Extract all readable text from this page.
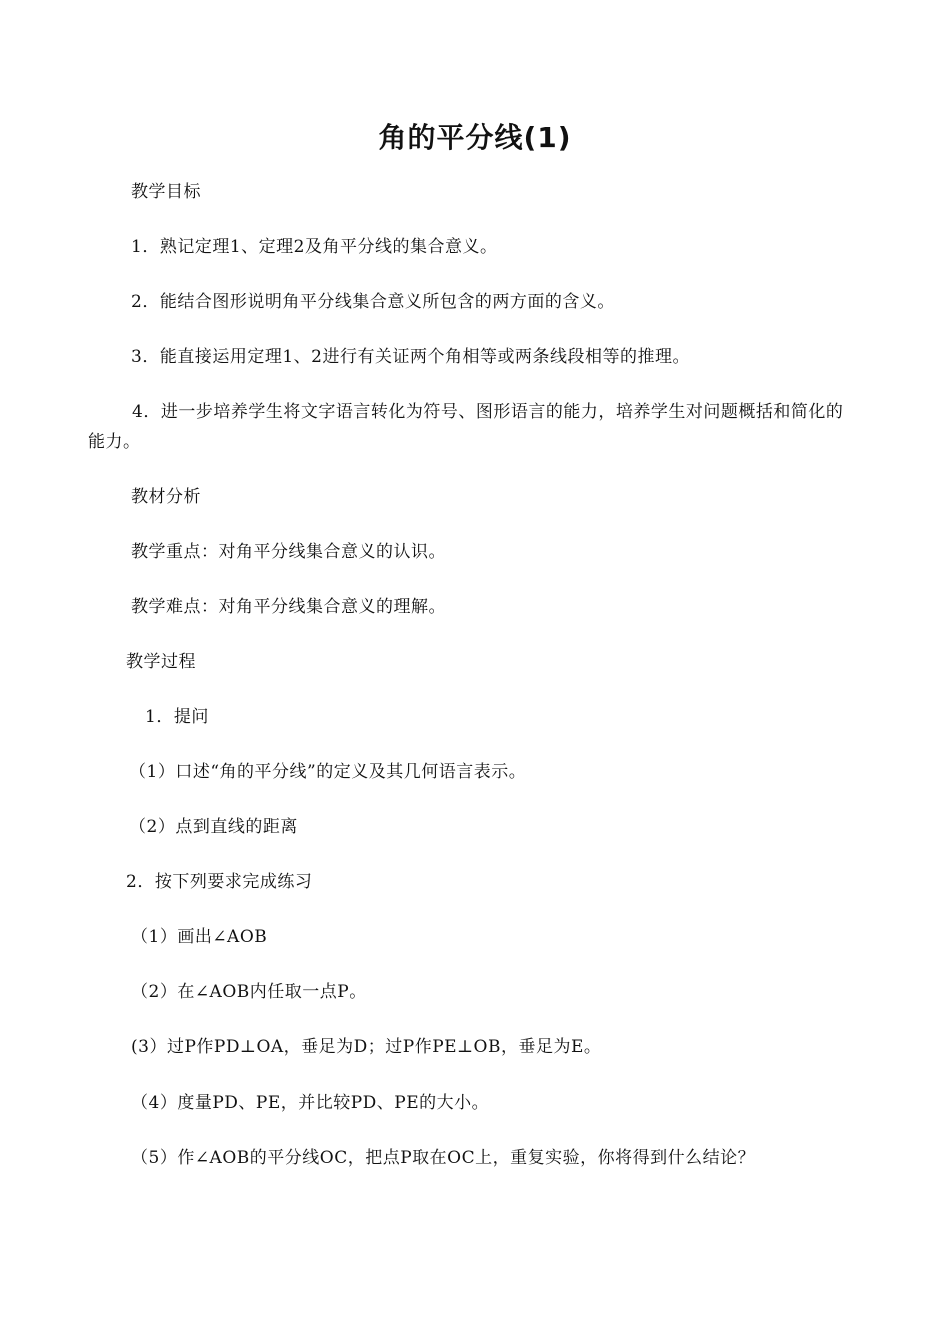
角的平分线(1)
教学目标
1．熟记定理1、定理2及角平分线的集合意义。
2．能结合图形说明角平分线集合意义所包含的两方面的含义。
3．能直接运用定理1、2进行有关证两个角相等或两条线段相等的推理。
4．进一步培养学生将文字语言转化为符号、图形语言的能力，培养学生对问题概括和简化的能力。
教材分析
教学重点：对角平分线集合意义的认识。
教学难点：对角平分线集合意义的理解。
教学过程
1．提问
（1）口述“角的平分线”的定义及其几何语言表示。
（2）点到直线的距离
2．按下列要求完成练习
（1）画出∠AOB
（2）在∠AOB内任取一点P。
(3）过P作PD⊥OA，垂足为D；过P作PE⊥OB，垂足为E。
（4）度量PD、PE，并比较PD、PE的大小。
（5）作∠AOB的平分线OC，把点P取在OC上，重复实验，你将得到什么结论？
